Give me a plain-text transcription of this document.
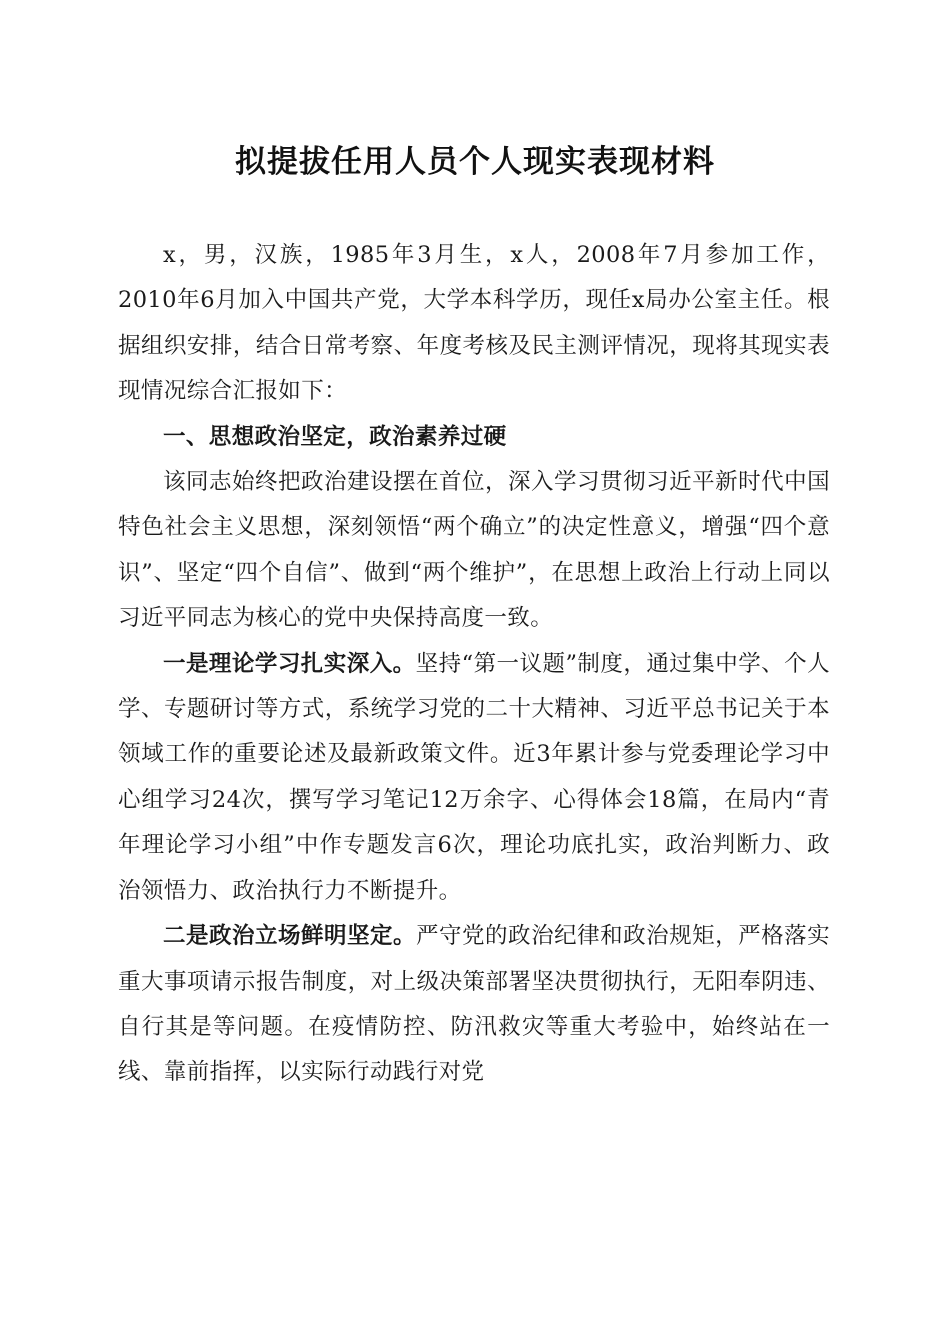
拟提拔任用人员个人现实表现材料

x，男，汉族，1985年3月生，x人，2008年7月参加工作，2010年6月加入中国共产党，大学本科学历，现任x局办公室主任。根据组织安排，结合日常考察、年度考核及民主测评情况，现将其现实表现情况综合汇报如下：

一、思想政治坚定，政治素养过硬

该同志始终把政治建设摆在首位，深入学习贯彻习近平新时代中国特色社会主义思想，深刻领悟“两个确立”的决定性意义，增强“四个意识”、坚定“四个自信”、做到“两个维护”，在思想上政治上行动上同以习近平同志为核心的党中央保持高度一致。

一是理论学习扎实深入。坚持“第一议题”制度，通过集中学、个人学、专题研讨等方式，系统学习党的二十大精神、习近平总书记关于本领域工作的重要论述及最新政策文件。近3年累计参与党委理论学习中心组学习24次，撰写学习笔记12万余字、心得体会18篇，在局内“青年理论学习小组”中作专题发言6次，理论功底扎实，政治判断力、政治领悟力、政治执行力不断提升。

二是政治立场鲜明坚定。严守党的政治纪律和政治规矩，严格落实重大事项请示报告制度，对上级决策部署坚决贯彻执行，无阳奉阴违、自行其是等问题。在疫情防控、防汛救灾等重大考验中，始终站在一线、靠前指挥，以实际行动践行对党
